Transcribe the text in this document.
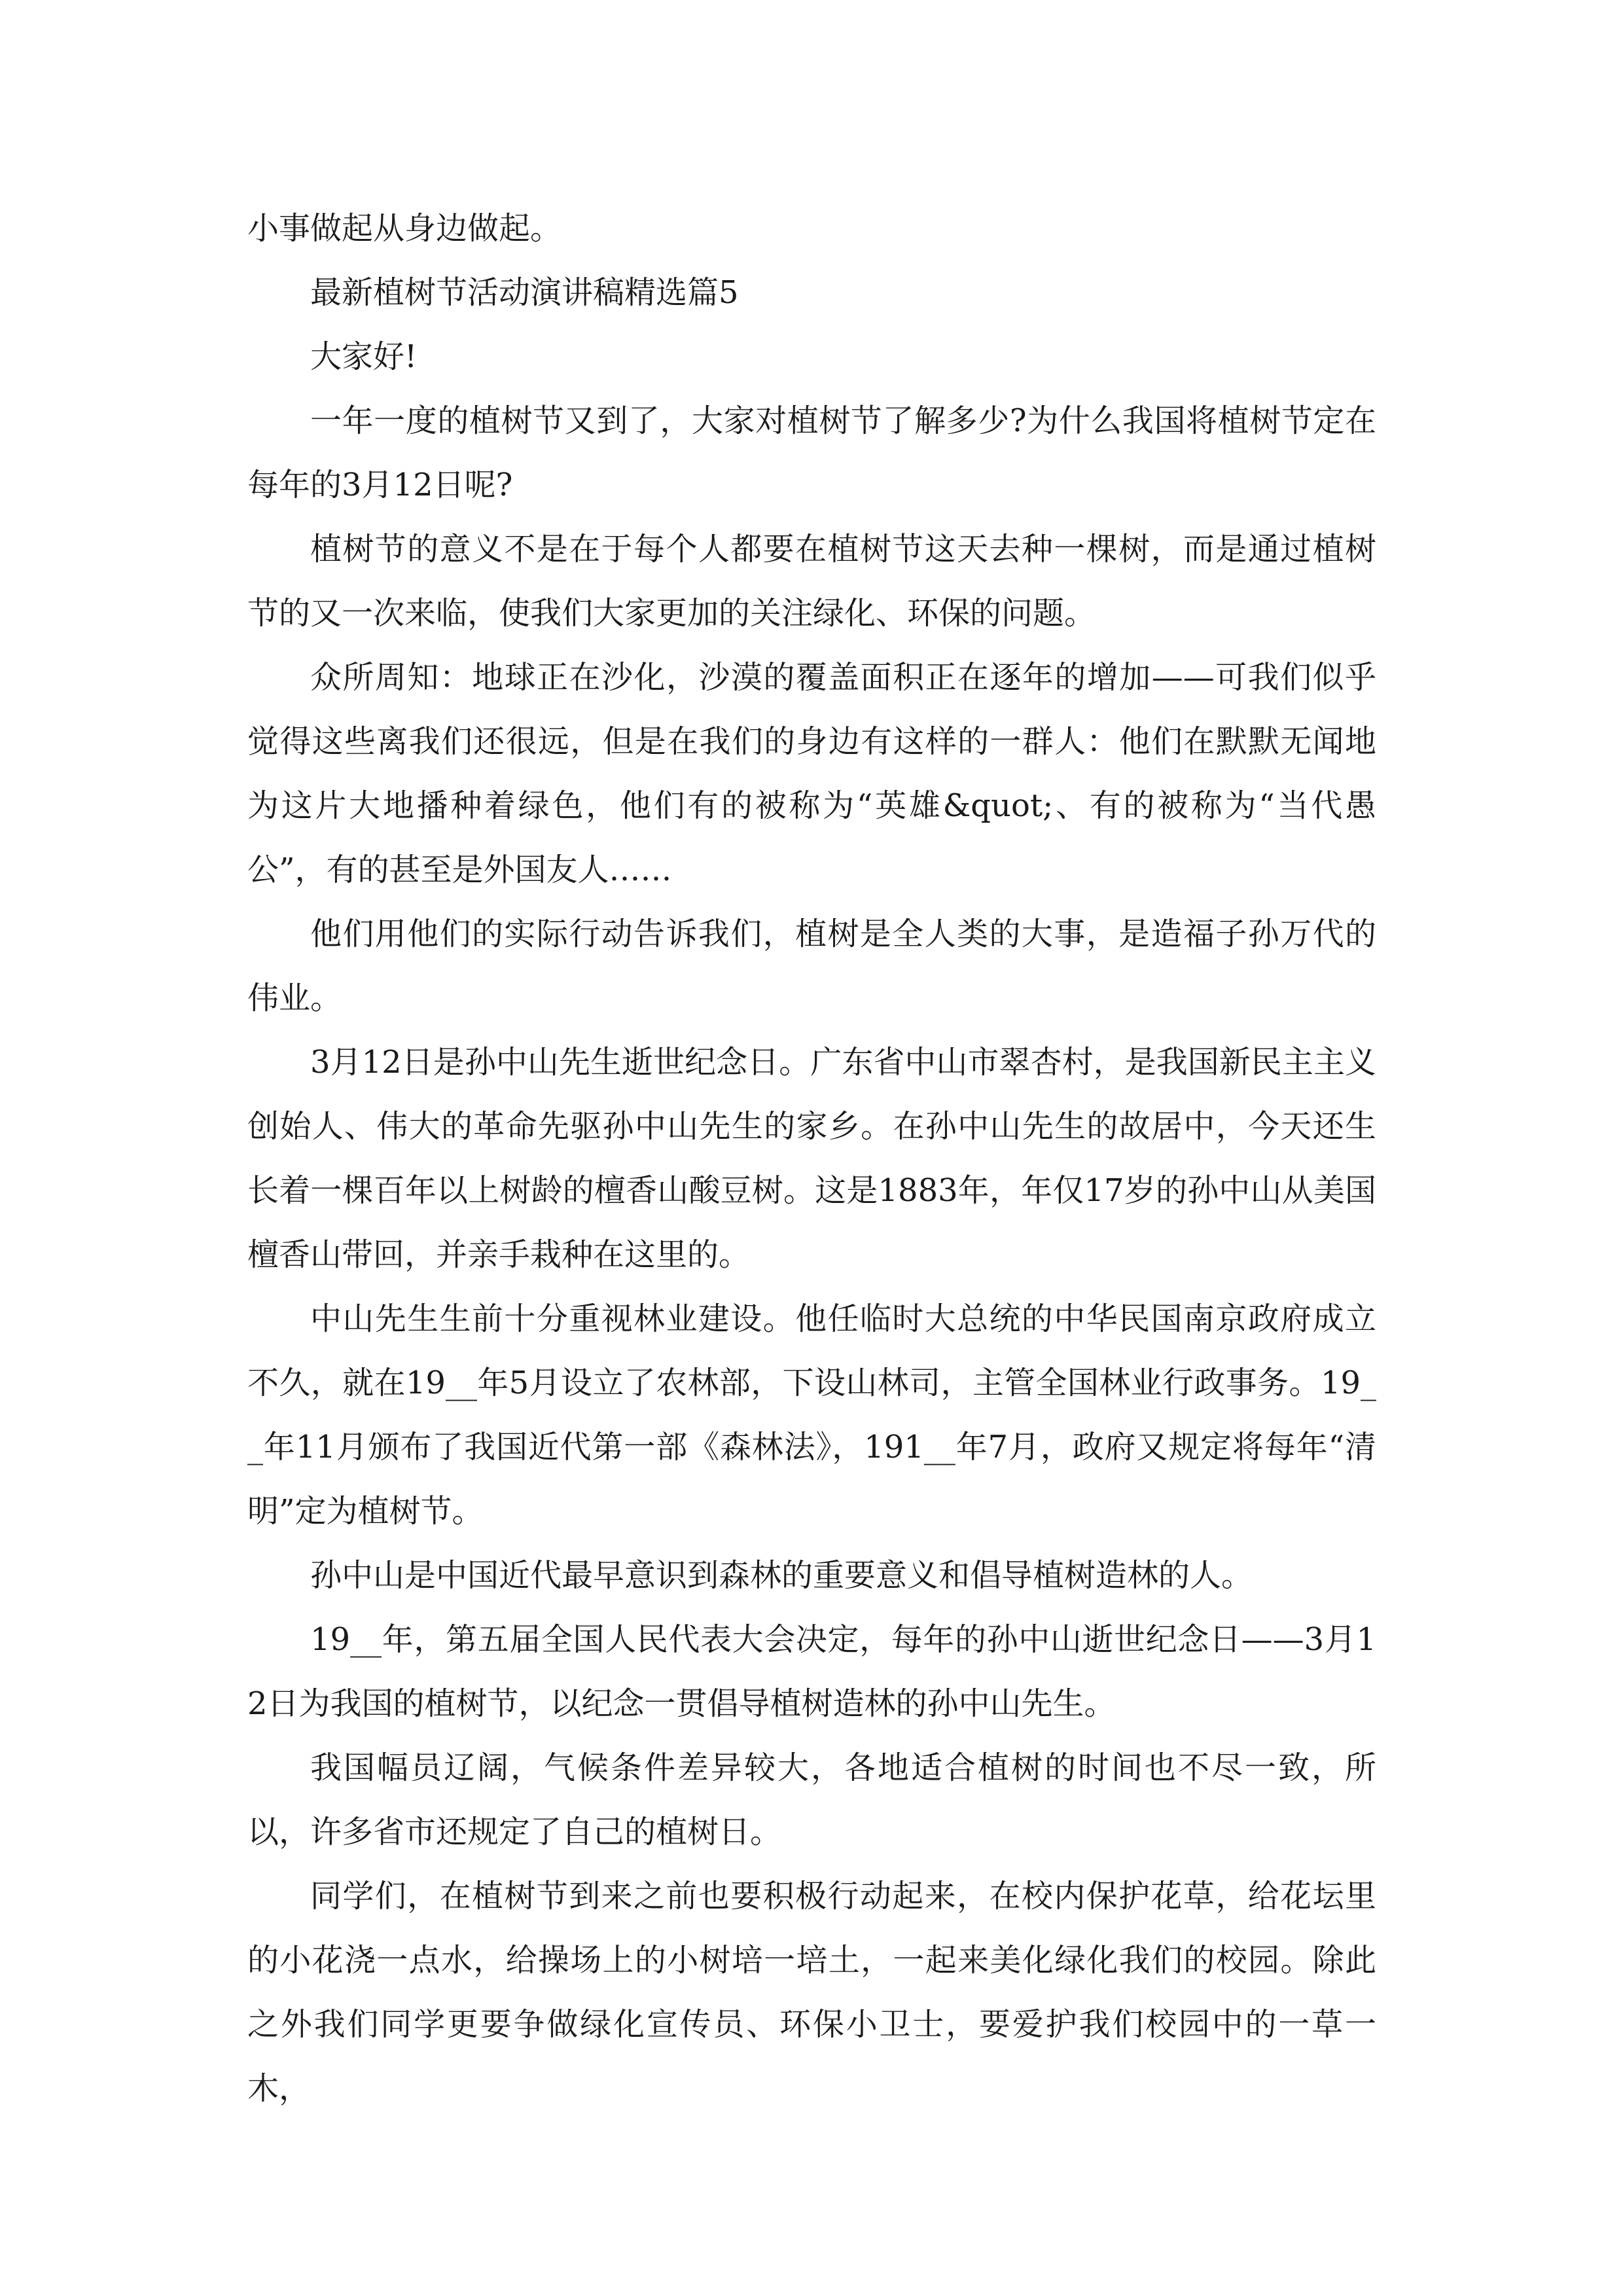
小事做起从身边做起。

最新植树节活动演讲稿精选篇5

大家好!

一年一度的植树节又到了，大家对植树节了解多少?为什么我国将植树节定在每年的3月12日呢?

植树节的意义不是在于每个人都要在植树节这天去种一棵树，而是通过植树节的又一次来临，使我们大家更加的关注绿化、环保的问题。

众所周知：地球正在沙化，沙漠的覆盖面积正在逐年的增加——可我们似乎觉得这些离我们还很远，但是在我们的身边有这样的一群人：他们在默默无闻地为这片大地播种着绿色，他们有的被称为“英雄&quot;、有的被称为“当代愚公”，有的甚至是外国友人……

他们用他们的实际行动告诉我们，植树是全人类的大事，是造福子孙万代的伟业。

3月12日是孙中山先生逝世纪念日。广东省中山市翠杏村，是我国新民主主义创始人、伟大的革命先驱孙中山先生的家乡。在孙中山先生的故居中，今天还生长着一棵百年以上树龄的檀香山酸豆树。这是1883年，年仅17岁的孙中山从美国檀香山带回，并亲手栽种在这里的。

中山先生生前十分重视林业建设。他任临时大总统的中华民国南京政府成立不久，就在19__年5月设立了农林部，下设山林司，主管全国林业行政事务。19__年11月颁布了我国近代第一部《森林法》，191__年7月，政府又规定将每年“清明”定为植树节。

孙中山是中国近代最早意识到森林的重要意义和倡导植树造林的人。

19__年，第五届全国人民代表大会决定，每年的孙中山逝世纪念日——3月12日为我国的植树节，以纪念一贯倡导植树造林的孙中山先生。

我国幅员辽阔，气候条件差异较大，各地适合植树的时间也不尽一致，所以，许多省市还规定了自己的植树日。

同学们，在植树节到来之前也要积极行动起来，在校内保护花草，给花坛里的小花浇一点水，给操场上的小树培一培土，一起来美化绿化我们的校园。除此之外我们同学更要争做绿化宣传员、环保小卫士，要爱护我们校园中的一草一木，
